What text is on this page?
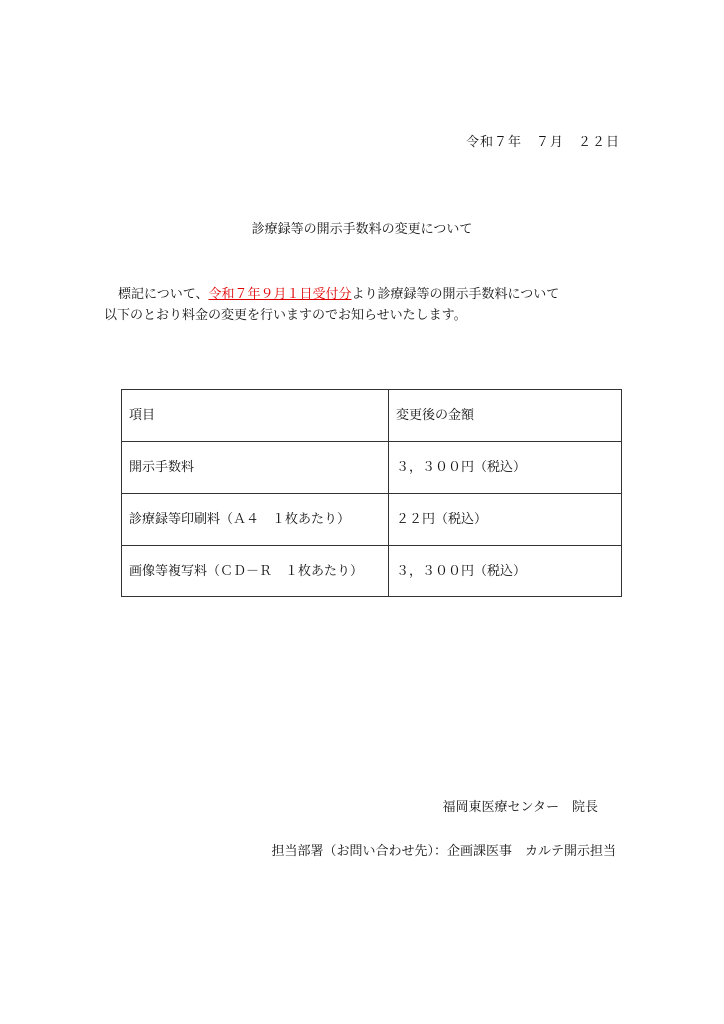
令和７年　７月　２２日
診療録等の開示手数料の変更について
標記について、令和７年９月１日受付分より診療録等の開示手数料について
以下のとおり料金の変更を行いますのでお知らせいたします。
項目	変更後の金額
開示手数料	３，３００円（税込）
診療録等印刷料（Ａ４　１枚あたり）	２２円（税込）
画像等複写料（ＣＤ－Ｒ　１枚あたり）	３，３００円（税込）
福岡東医療センター　院長
担当部署（お問い合わせ先）：企画課医事　カルテ開示担当
